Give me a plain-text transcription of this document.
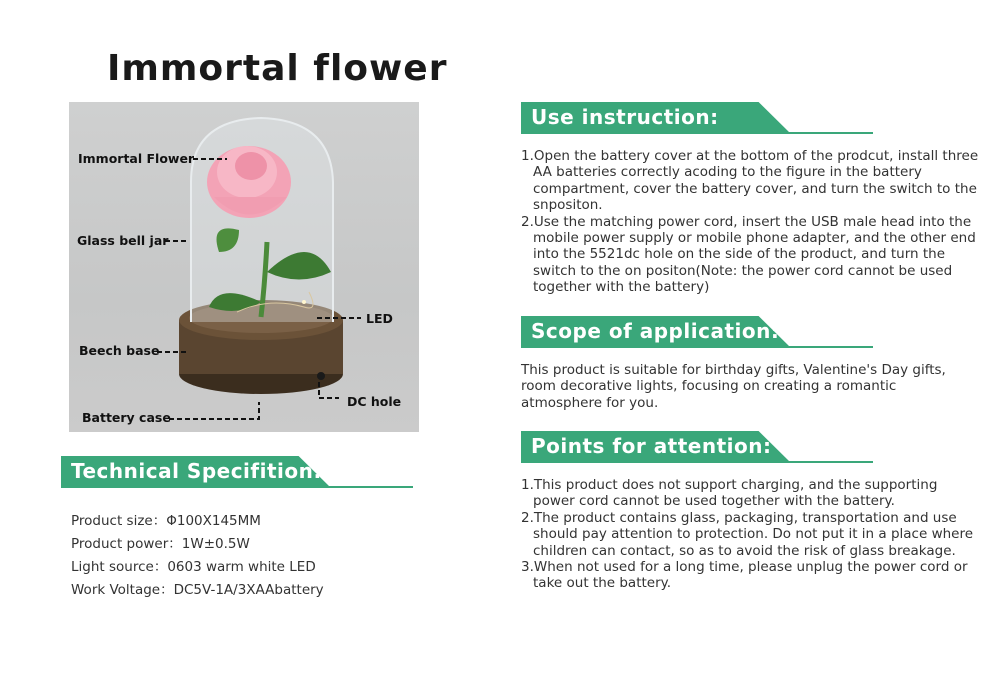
Immortal flower
Immortal Flower
Glass bell jar
LED
Beech base
DC hole
Battery case
Technical Specifition:
Product size：Φ100X145MM
Product power：1W±0.5W
Light source：0603 warm white LED
Work Voltage：DC5V-1A/3XAAbattery
Use instruction:

1.Open the battery cover at the bottom of the prodcut, install three AA batteries correctly acoding to the figure in the battery compartment, cover the battery cover, and turn the switch to the snpositon.

2.Use the matching power cord, insert the USB male head into the mobile power supply or mobile phone adapter, and the other end into the 5521dc hole on the side of the product, and turn the switch to the on positon(Note: the power cord cannot be used together with the battery)

Scope of application:
This product is suitable for birthday gifts, Valentine's Day gifts, room decorative lights, focusing on creating a romantic atmosphere for you.
Points for attention:

1.This product does not support charging, and the supporting power cord cannot be used together with the battery.

2.The product contains glass, packaging, transportation and use should pay attention to protection. Do not put it in a place where children can contact, so as to avoid the risk of glass breakage.

3.When not used for a long time, please unplug the power cord or take out the battery.
